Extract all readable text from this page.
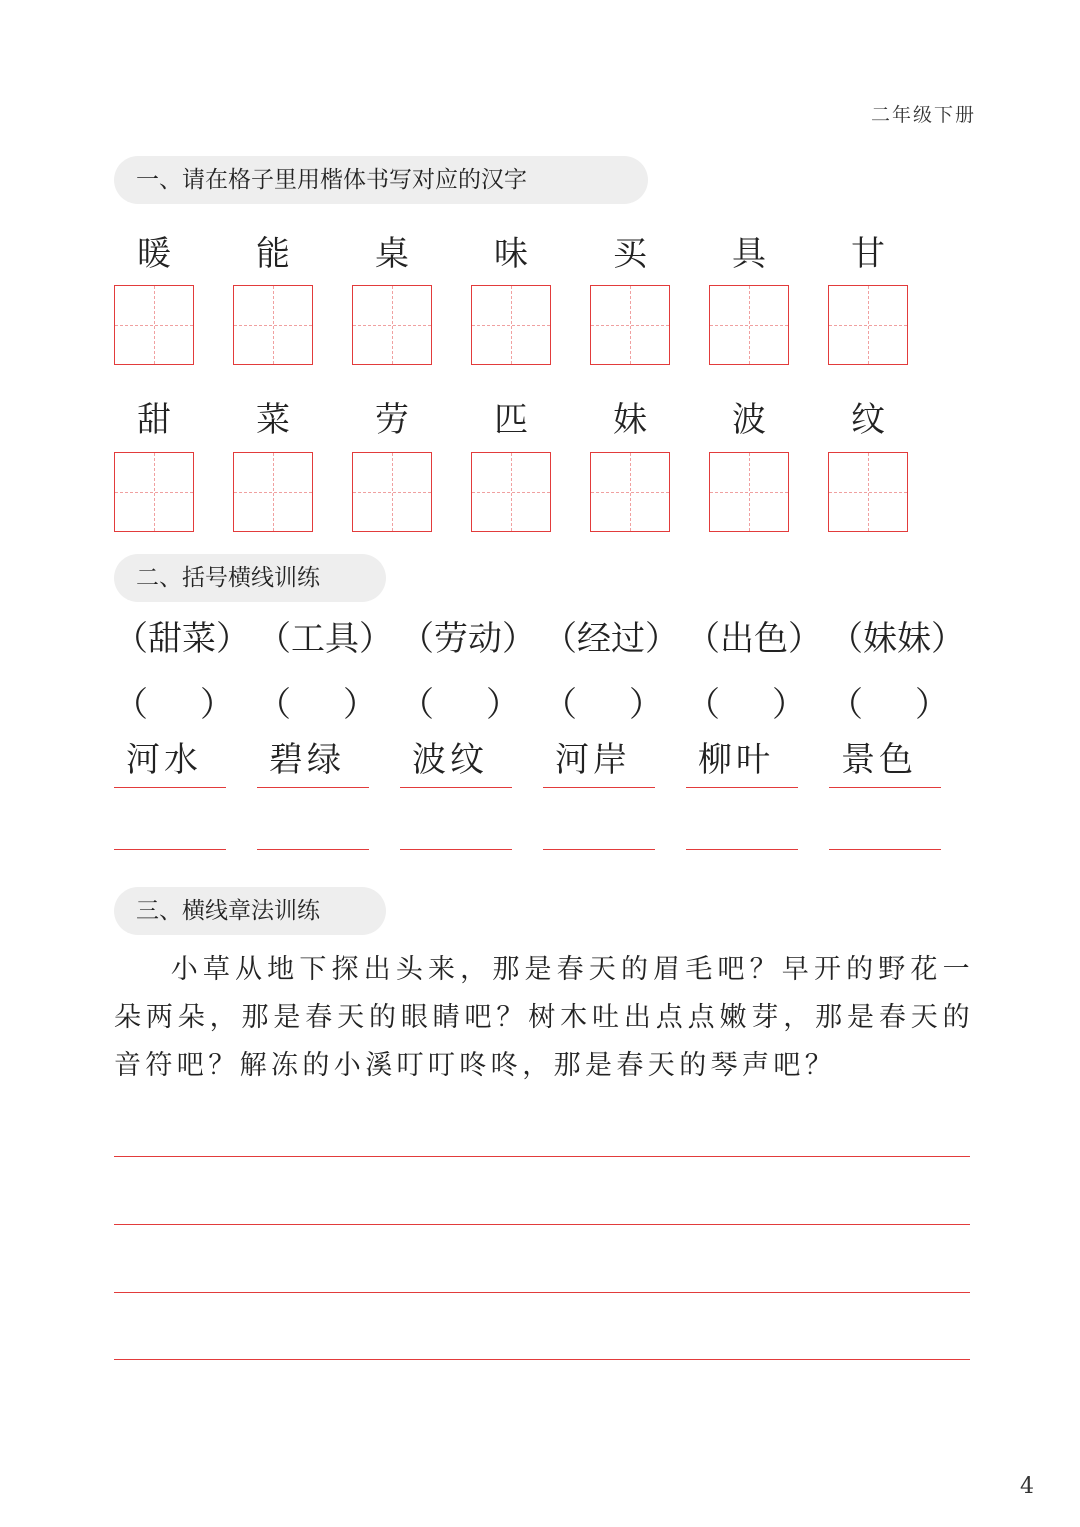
二年级下册
一、请在格子里用楷体书写对应的汉字
暖	能	桌	味	买	具	甘
甜	菜	劳	匹	妹	波	纹
二、括号横线训练
（甜菜） （工具） （劳动） （经过） （出色） （妹妹）
（ ） （ ） （ ） （ ） （ ） （ ）
河水	碧绿	波纹	河岸	柳叶	景色
三、横线章法训练
小草从地下探出头来，那是春天的眉毛吧？早开的野花一朵两朵，那是春天的眼睛吧？树木吐出点点嫩芽，那是春天的音符吧？解冻的小溪叮叮咚咚，那是春天的琴声吧？
4
